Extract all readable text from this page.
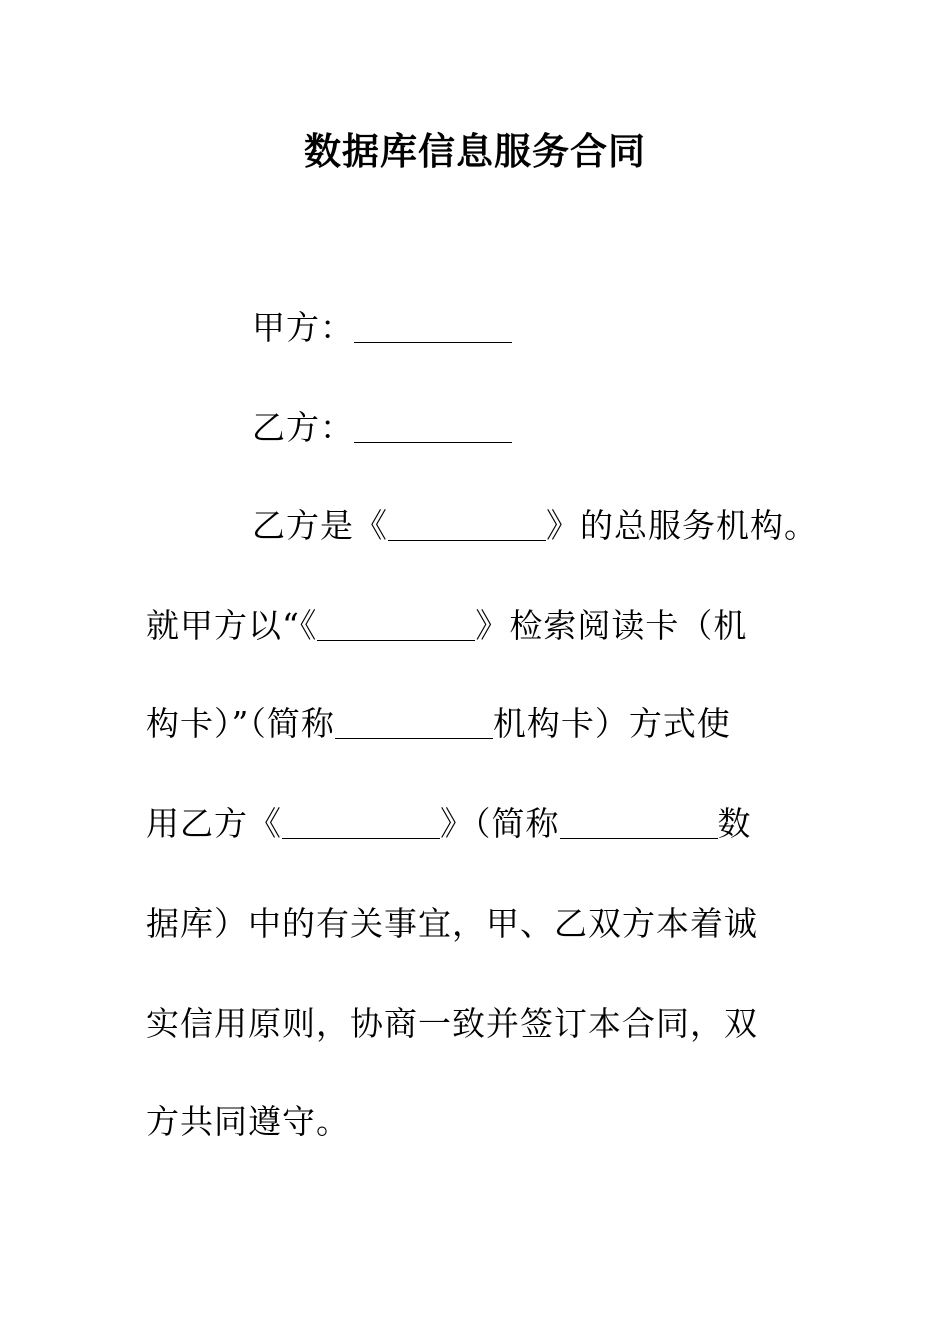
数据库信息服务合同
甲方：
乙方：
乙方是《	》的总服务机构。
就甲方以“《	》检索阅读卡（机
构卡）”（简称	机构卡）方式使
用乙方《	》（简称	数
据库）中的有关事宜，甲、乙双方本着诚
实信用原则，协商一致并签订本合同，双
方共同遵守。
